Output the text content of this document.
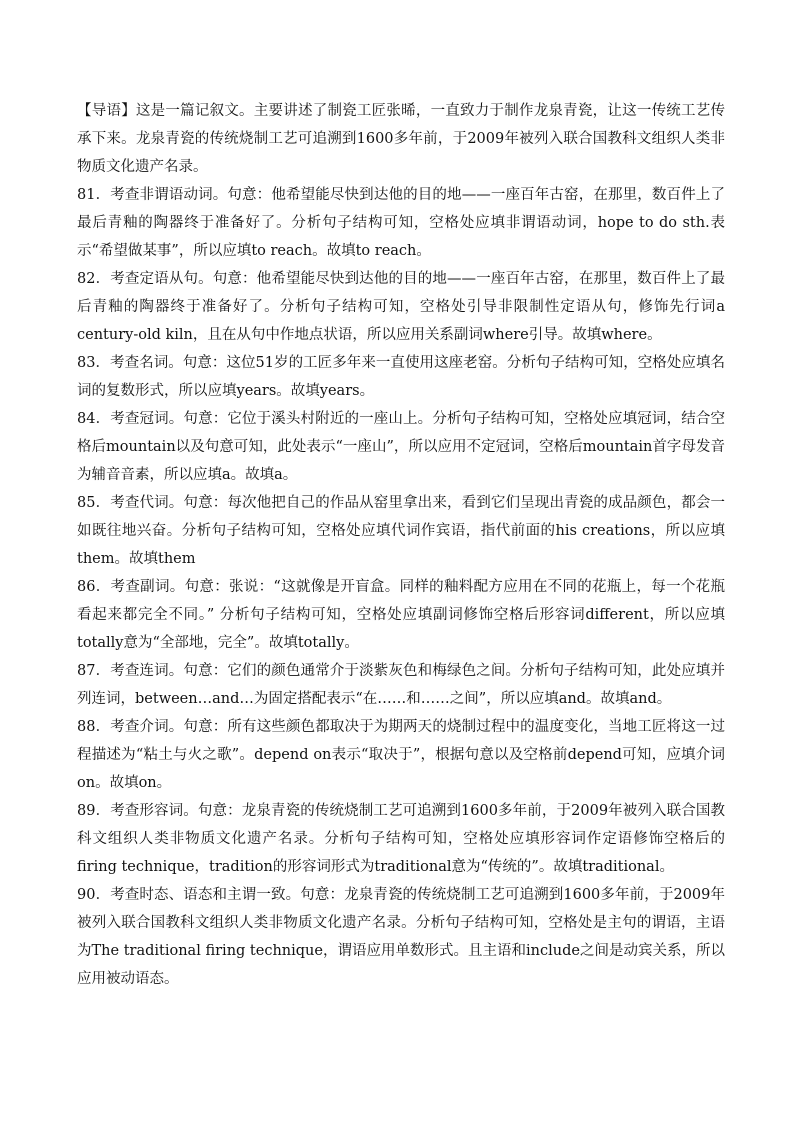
【导语】这是一篇记叙文。主要讲述了制瓷工匠张晞，一直致力于制作龙泉青瓷，让这一传统工艺传承下来。龙泉青瓷的传统烧制工艺可追溯到1600多年前，于2009年被列入联合国教科文组织人类非物质文化遗产名录。

81．考查非谓语动词。句意：他希望能尽快到达他的目的地——一座百年古窑，在那里，数百件上了最后青釉的陶器终于准备好了。分析句子结构可知，空格处应填非谓语动词，hope to do sth.表示“希望做某事”，所以应填to reach。故填to reach。

82．考查定语从句。句意：他希望能尽快到达他的目的地——一座百年古窑，在那里，数百件上了最后青釉的陶器终于准备好了。分析句子结构可知，空格处引导非限制性定语从句，修饰先行词a century-old kiln，且在从句中作地点状语，所以应用关系副词where引导。故填where。

83．考查名词。句意：这位51岁的工匠多年来一直使用这座老窑。分析句子结构可知，空格处应填名词的复数形式，所以应填years。故填years。

84．考查冠词。句意：它位于溪头村附近的一座山上。分析句子结构可知，空格处应填冠词，结合空格后mountain以及句意可知，此处表示“一座山”，所以应用不定冠词，空格后mountain首字母发音为辅音音素，所以应填a。故填a。

85．考查代词。句意：每次他把自己的作品从窑里拿出来，看到它们呈现出青瓷的成品颜色，都会一如既往地兴奋。分析句子结构可知，空格处应填代词作宾语，指代前面的his creations，所以应填them。故填them

86．考查副词。句意：张说：“这就像是开盲盒。同样的釉料配方应用在不同的花瓶上，每一个花瓶看起来都完全不同。” 分析句子结构可知，空格处应填副词修饰空格后形容词different，所以应填totally意为“全部地，完全”。故填totally。

87．考查连词。句意：它们的颜色通常介于淡紫灰色和梅绿色之间。分析句子结构可知，此处应填并列连词，between…and…为固定搭配表示“在……和……之间”，所以应填and。故填and。

88．考查介词。句意：所有这些颜色都取决于为期两天的烧制过程中的温度变化，当地工匠将这一过程描述为“粘土与火之歌”。depend on表示“取决于”，根据句意以及空格前depend可知，应填介词on。故填on。

89．考查形容词。句意：龙泉青瓷的传统烧制工艺可追溯到1600多年前，于2009年被列入联合国教科文组织人类非物质文化遗产名录。分析句子结构可知，空格处应填形容词作定语修饰空格后的firing technique，tradition的形容词形式为traditional意为“传统的”。故填traditional。

90．考查时态、语态和主谓一致。句意：龙泉青瓷的传统烧制工艺可追溯到1600多年前，于2009年被列入联合国教科文组织人类非物质文化遗产名录。分析句子结构可知，空格处是主句的谓语，主语为The traditional firing technique，谓语应用单数形式。且主语和include之间是动宾关系，所以应用被动语态。
